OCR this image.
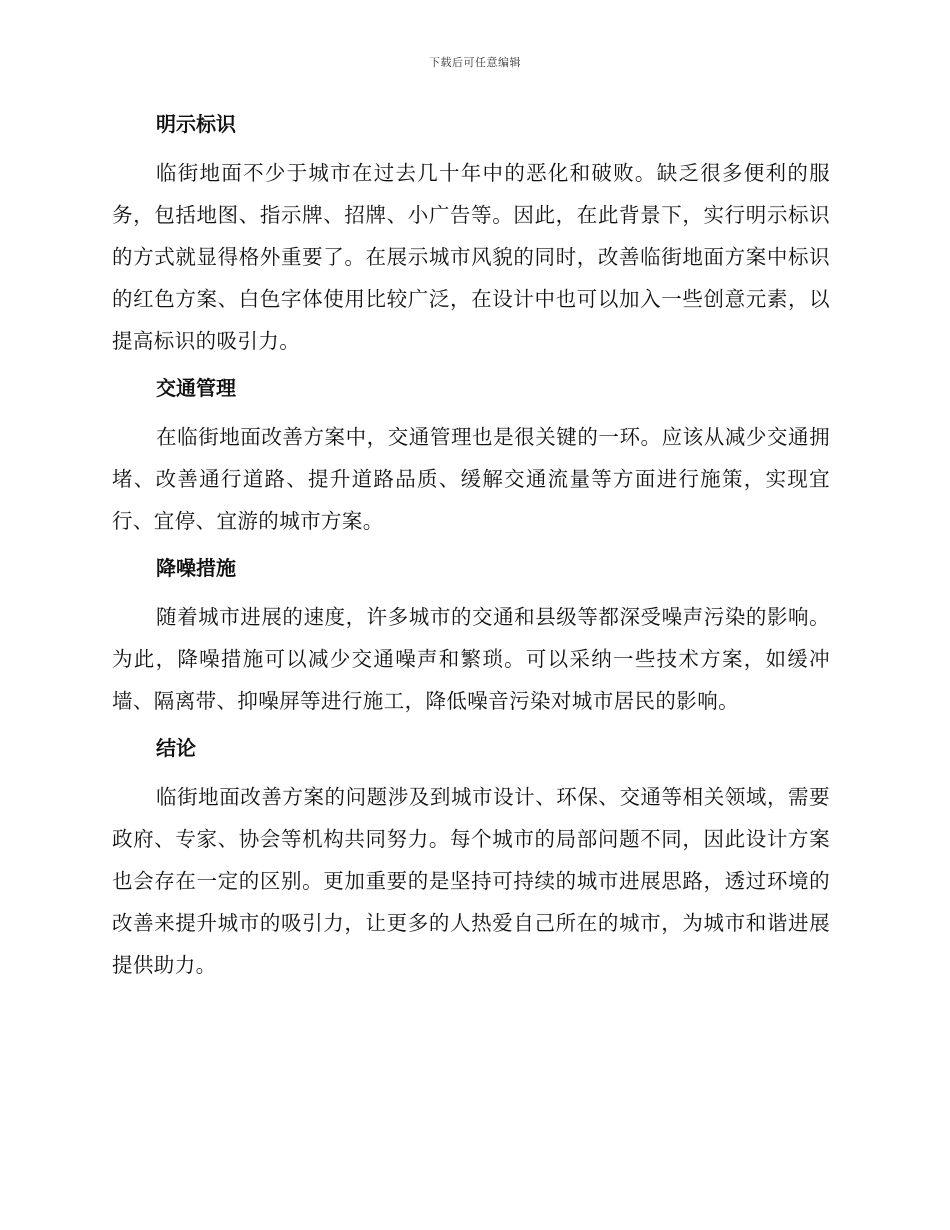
下载后可任意编辑
明示标识

临街地面不少于城市在过去几十年中的恶化和破败。缺乏很多便利的服务，包括地图、指示牌、招牌、小广告等。因此，在此背景下，实行明示标识的方式就显得格外重要了。在展示城市风貌的同时，改善临街地面方案中标识的红色方案、白色字体使用比较广泛，在设计中也可以加入一些创意元素，以提高标识的吸引力。

交通管理

在临街地面改善方案中，交通管理也是很关键的一环。应该从减少交通拥堵、改善通行道路、提升道路品质、缓解交通流量等方面进行施策，实现宜行、宜停、宜游的城市方案。

降噪措施

随着城市进展的速度，许多城市的交通和县级等都深受噪声污染的影响。为此，降噪措施可以减少交通噪声和繁琐。可以采纳一些技术方案，如缓冲墙、隔离带、抑噪屏等进行施工，降低噪音污染对城市居民的影响。

结论

临街地面改善方案的问题涉及到城市设计、环保、交通等相关领域，需要政府、专家、协会等机构共同努力。每个城市的局部问题不同，因此设计方案也会存在一定的区别。更加重要的是坚持可持续的城市进展思路，透过环境的改善来提升城市的吸引力，让更多的人热爱自己所在的城市，为城市和谐进展提供助力。
